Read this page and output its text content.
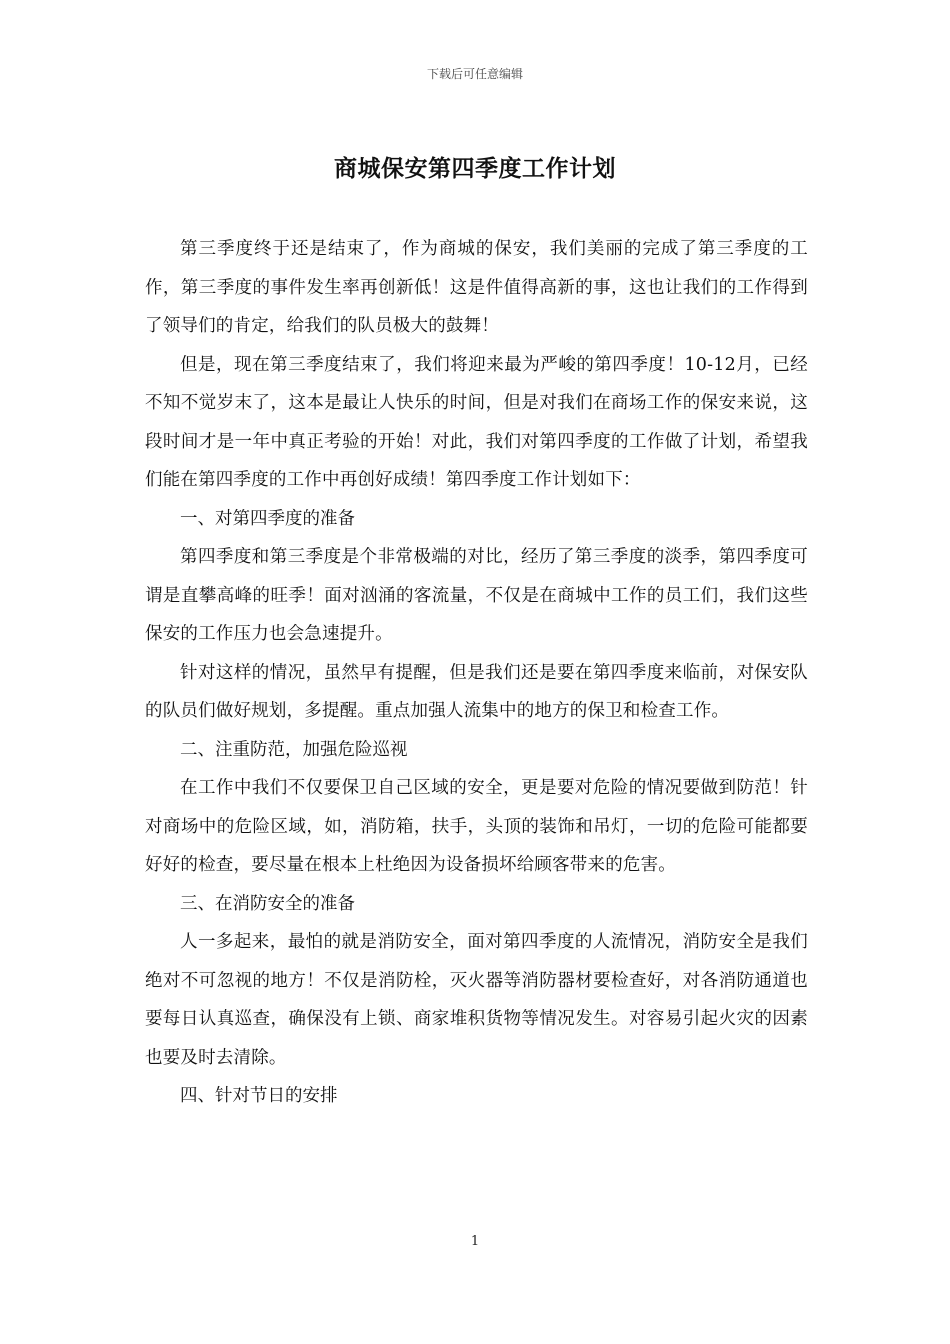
下载后可任意编辑
商城保安第四季度工作计划

第三季度终于还是结束了，作为商城的保安，我们美丽的完成了第三季度的工作，第三季度的事件发生率再创新低！这是件值得高新的事，这也让我们的工作得到了领导们的肯定，给我们的队员极大的鼓舞！

但是，现在第三季度结束了，我们将迎来最为严峻的第四季度！10-12月，已经不知不觉岁末了，这本是最让人快乐的时间，但是对我们在商场工作的保安来说，这段时间才是一年中真正考验的开始！对此，我们对第四季度的工作做了计划，希望我们能在第四季度的工作中再创好成绩！第四季度工作计划如下：

一、对第四季度的准备

第四季度和第三季度是个非常极端的对比，经历了第三季度的淡季，第四季度可谓是直攀高峰的旺季！面对汹涌的客流量，不仅是在商城中工作的员工们，我们这些保安的工作压力也会急速提升。

针对这样的情况，虽然早有提醒，但是我们还是要在第四季度来临前，对保安队的队员们做好规划，多提醒。重点加强人流集中的地方的保卫和检查工作。

二、注重防范，加强危险巡视

在工作中我们不仅要保卫自己区域的安全，更是要对危险的情况要做到防范！针对商场中的危险区域，如，消防箱，扶手，头顶的装饰和吊灯，一切的危险可能都要好好的检查，要尽量在根本上杜绝因为设备损坏给顾客带来的危害。

三、在消防安全的准备

人一多起来，最怕的就是消防安全，面对第四季度的人流情况，消防安全是我们绝对不可忽视的地方！不仅是消防栓，灭火器等消防器材要检查好，对各消防通道也要每日认真巡查，确保没有上锁、商家堆积货物等情况发生。对容易引起火灾的因素也要及时去清除。

四、针对节日的安排

1
